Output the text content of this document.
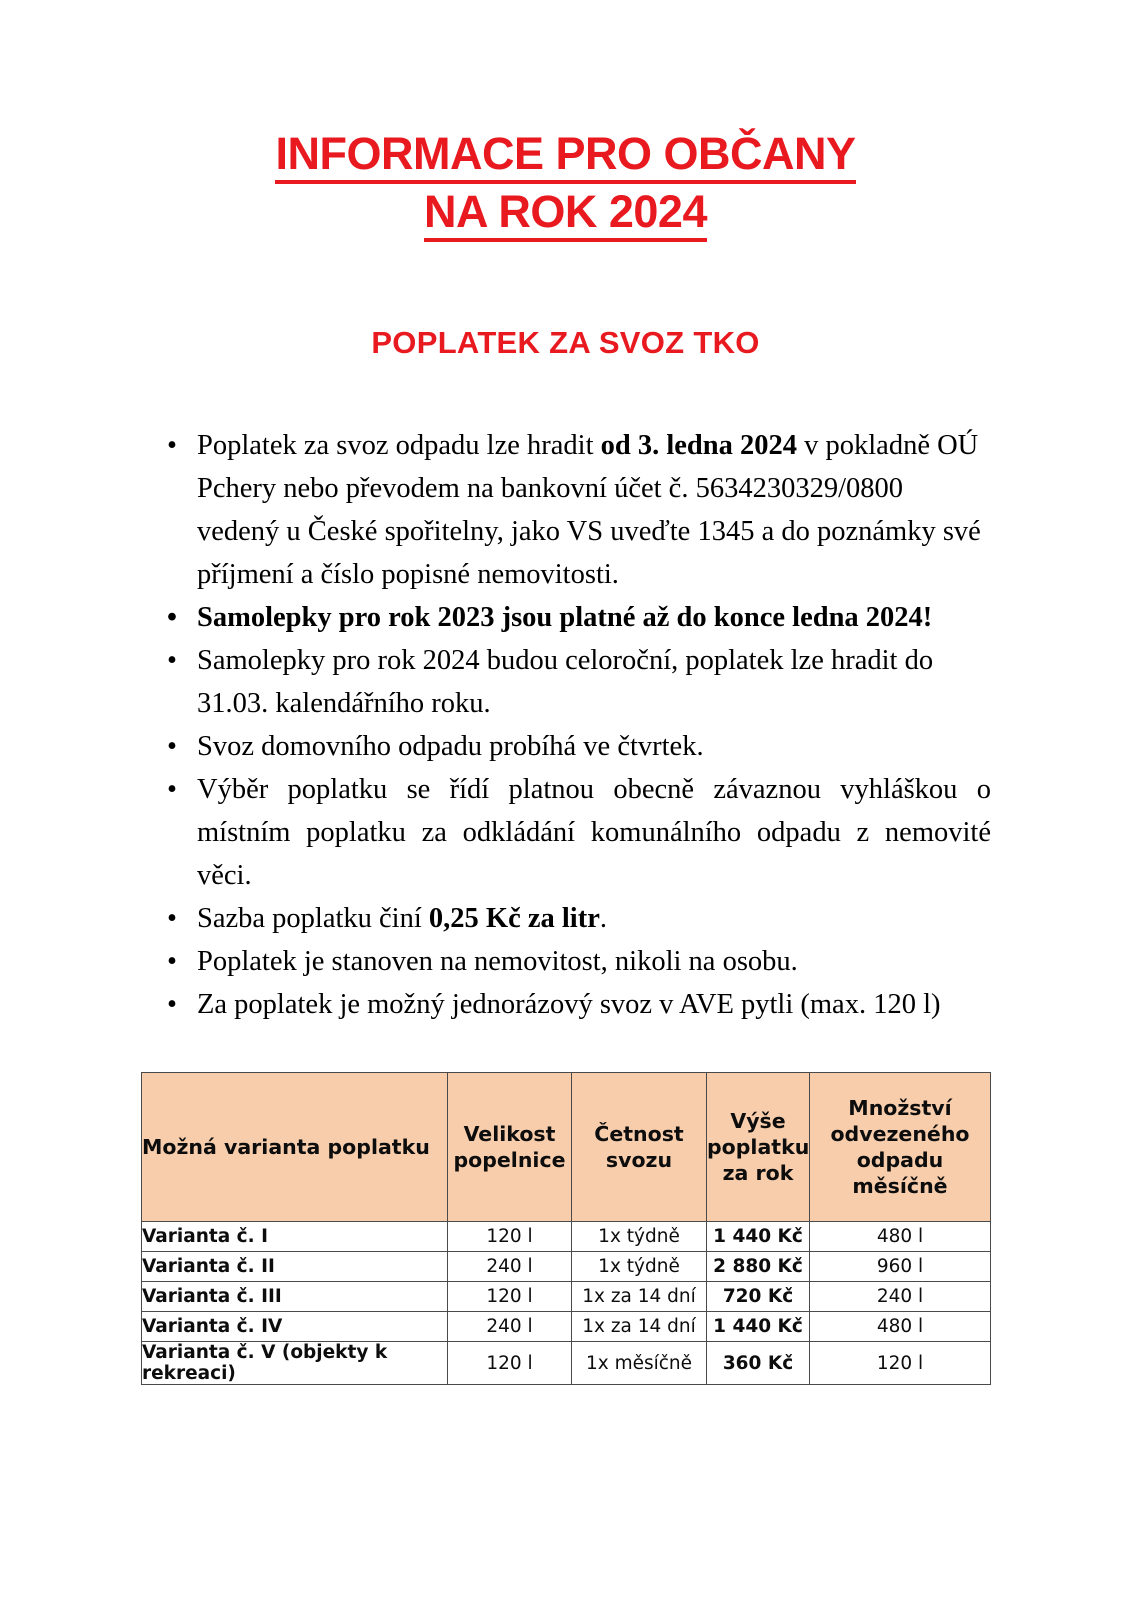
INFORMACE PRO OBČANY
NA ROK 2024
POPLATEK ZA SVOZ TKO
• Poplatek za svoz odpadu lze hradit od 3. ledna 2024 v pokladně OÚ Pchery nebo převodem na bankovní účet č. 5634230329/0800 vedený u České spořitelny, jako VS uveďte 1345 a do poznámky své příjmení a číslo popisné nemovitosti.
• Samolepky pro rok 2023 jsou platné až do konce ledna 2024!
• Samolepky pro rok 2024 budou celoroční, poplatek lze hradit do 31.03. kalendářního roku.
• Svoz domovního odpadu probíhá ve čtvrtek.
• Výběr poplatku se řídí platnou obecně závaznou vyhláškou o místním poplatku za odkládání komunálního odpadu z nemovité věci.
• Sazba poplatku činí 0,25 Kč za litr.
• Poplatek je stanoven na nemovitost, nikoli na osobu.
• Za poplatek je možný jednorázový svoz v AVE pytli (max. 120 l)
•
Možná varianta poplatku	Velikost popelnice	Četnost svozu	Výše poplatku za rok	Množství odvezeného odpadu měsíčně
Varianta č. I	120 l	1x týdně	1 440 Kč	480 l
Varianta č. II	240 l	1x týdně	2 880 Kč	960 l
Varianta č. III	120 l	1x za 14 dní	720 Kč	240 l
Varianta č. IV	240 l	1x za 14 dní	1 440 Kč	480 l
Varianta č. V (objekty k rekreaci)	120 l	1x měsíčně	360 Kč	120 l
